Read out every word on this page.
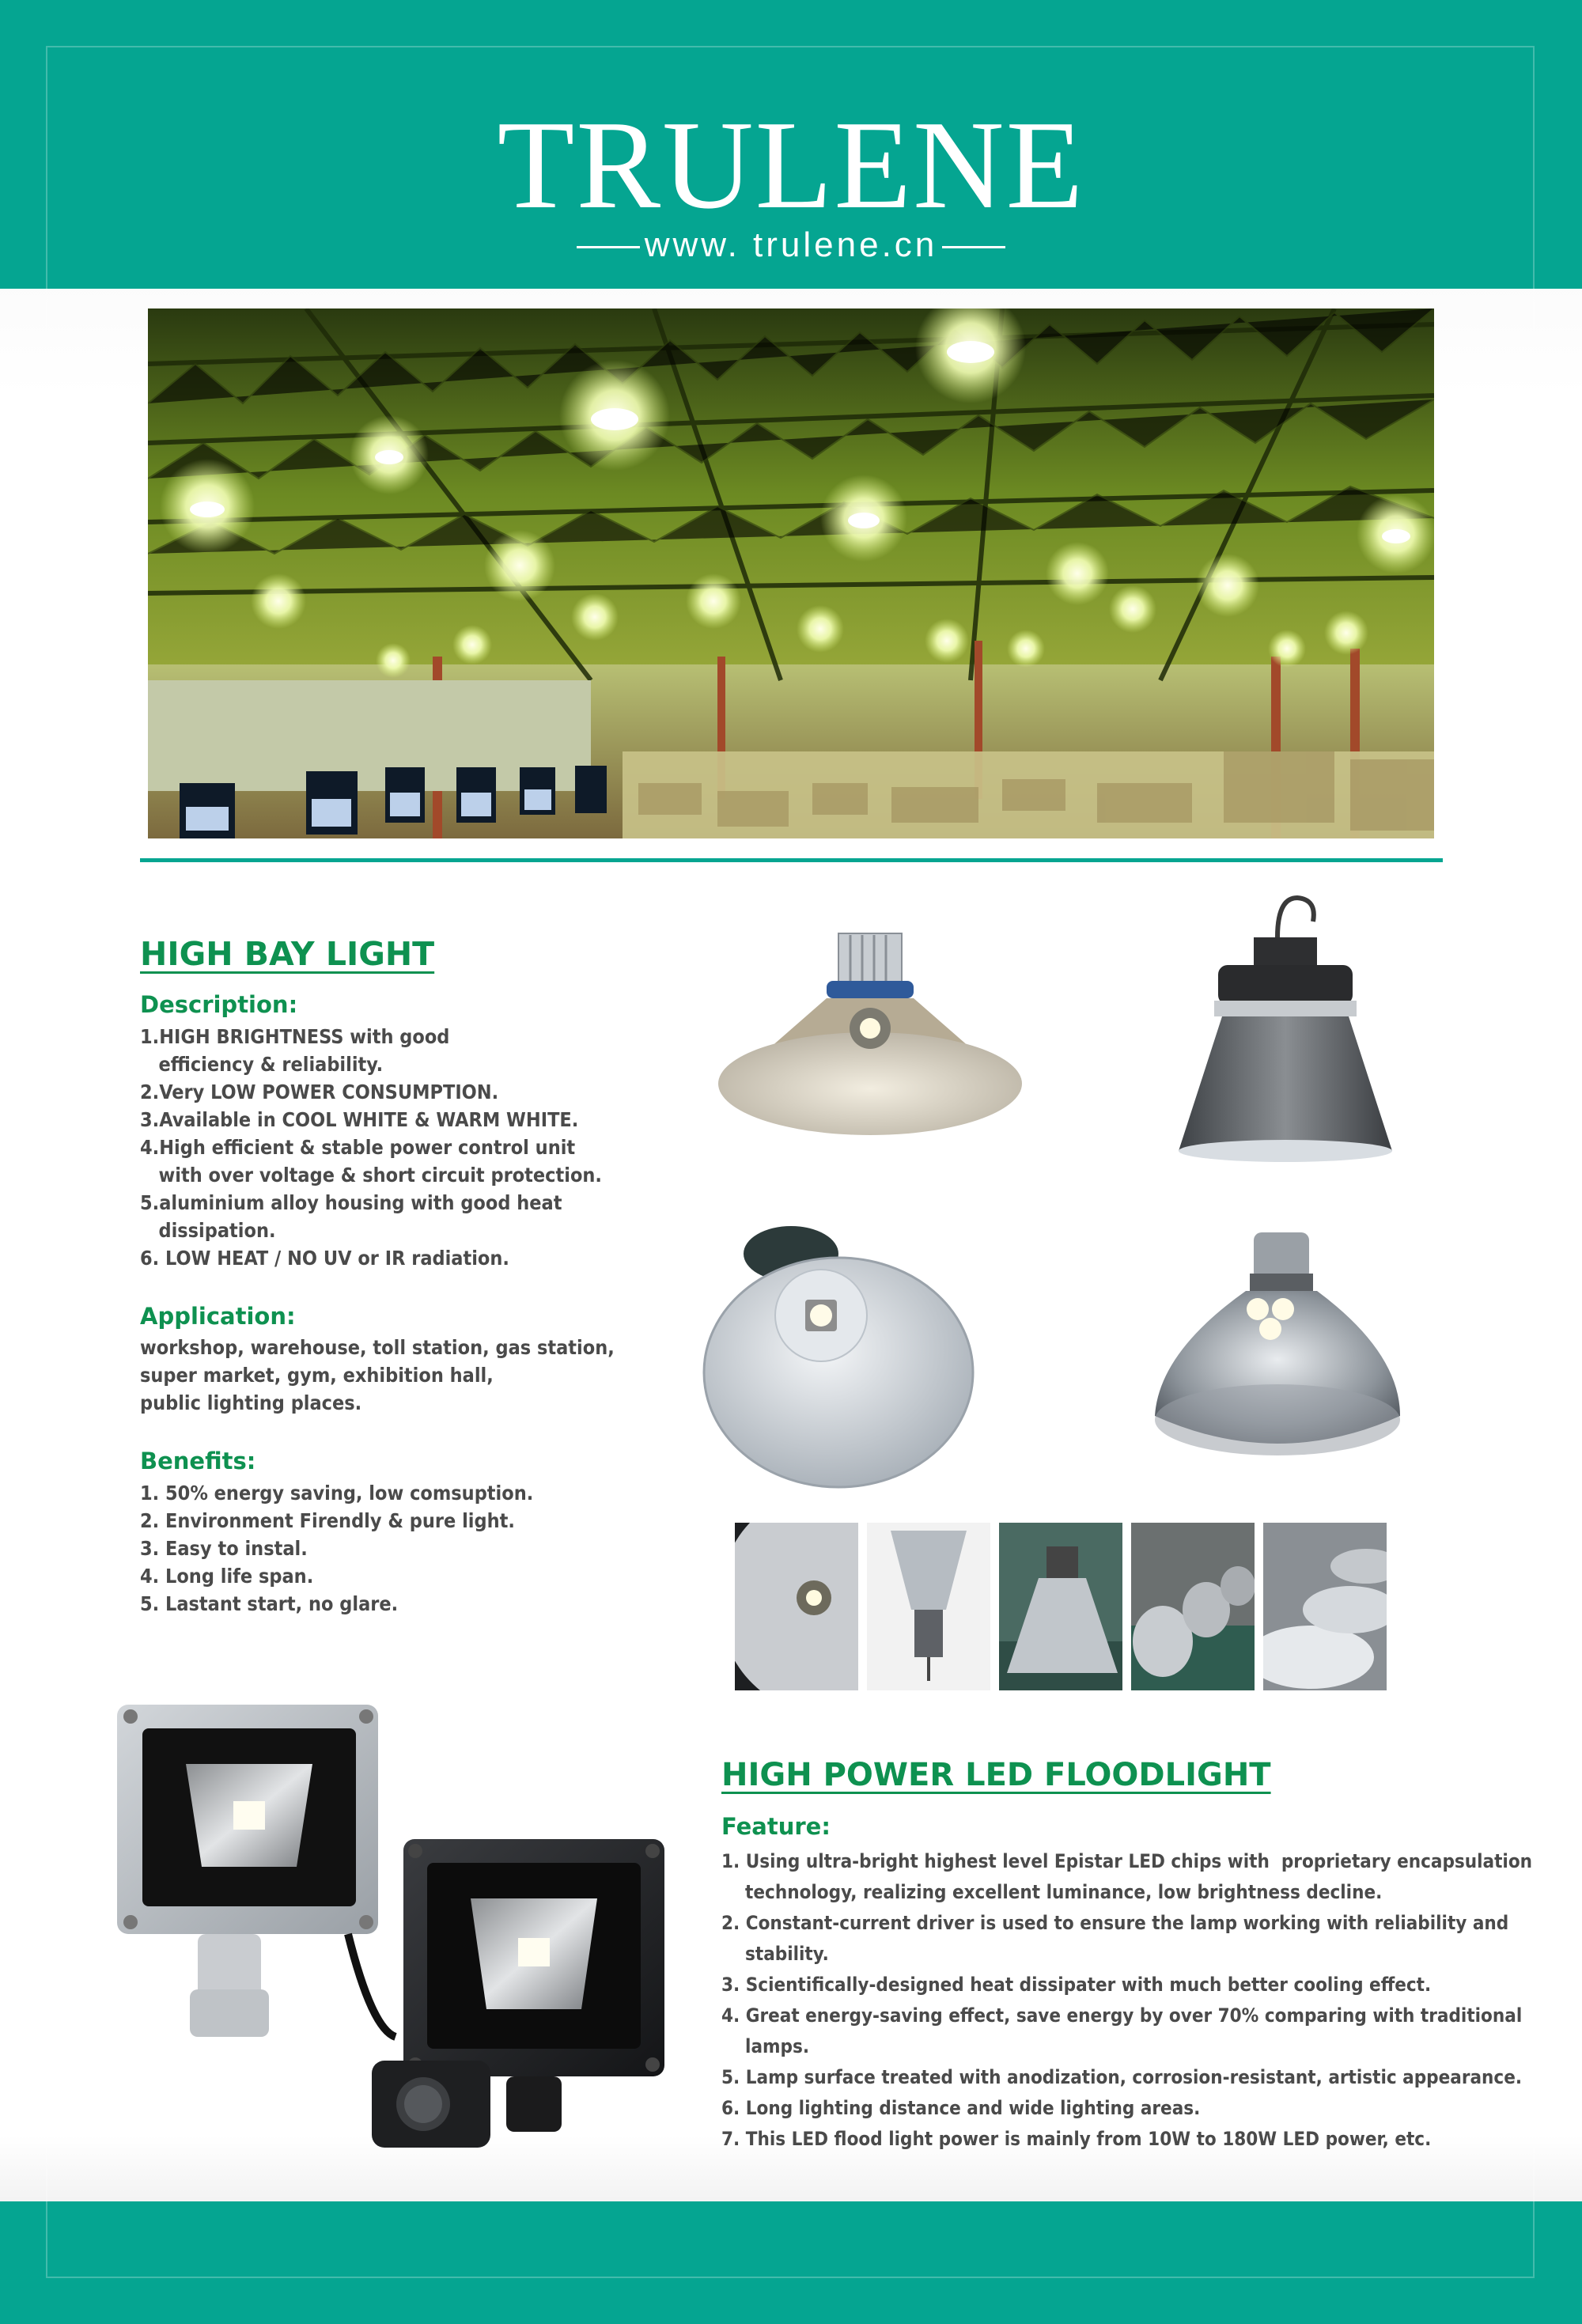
TRULENE
www. trulene.cn
HIGH BAY LIGHT
Description:
1.HIGH BRIGHTNESS with good
efficiency & reliability.
2.Very LOW POWER CONSUMPTION.
3.Available in COOL WHITE & WARM WHITE.
4.High efficient & stable power control unit
with over voltage & short circuit protection.
5.aluminium alloy housing with good heat
dissipation.
6. LOW HEAT / NO UV or IR radiation.
Application:
workshop, warehouse, toll station, gas station,
super market, gym, exhibition hall,
public lighting places.
Benefits:
1. 50% energy saving, low comsuption.
2. Environment Firendly & pure light.
3. Easy to instal.
4. Long life span.
5. Lastant start, no glare.
HIGH POWER LED FLOODLIGHT
Feature:
1. Using ultra-bright highest level Epistar LED chips with  proprietary encapsulation
technology, realizing excellent luminance, low brightness decline.
2. Constant-current driver is used to ensure the lamp working with reliability and
stability.
3. Scientifically-designed heat dissipater with much better cooling effect.
4. Great energy-saving effect, save energy by over 70% comparing with traditional
lamps.
5. Lamp surface treated with anodization, corrosion-resistant, artistic appearance.
6. Long lighting distance and wide lighting areas.
7. This LED flood light power is mainly from 10W to 180W LED power, etc.
